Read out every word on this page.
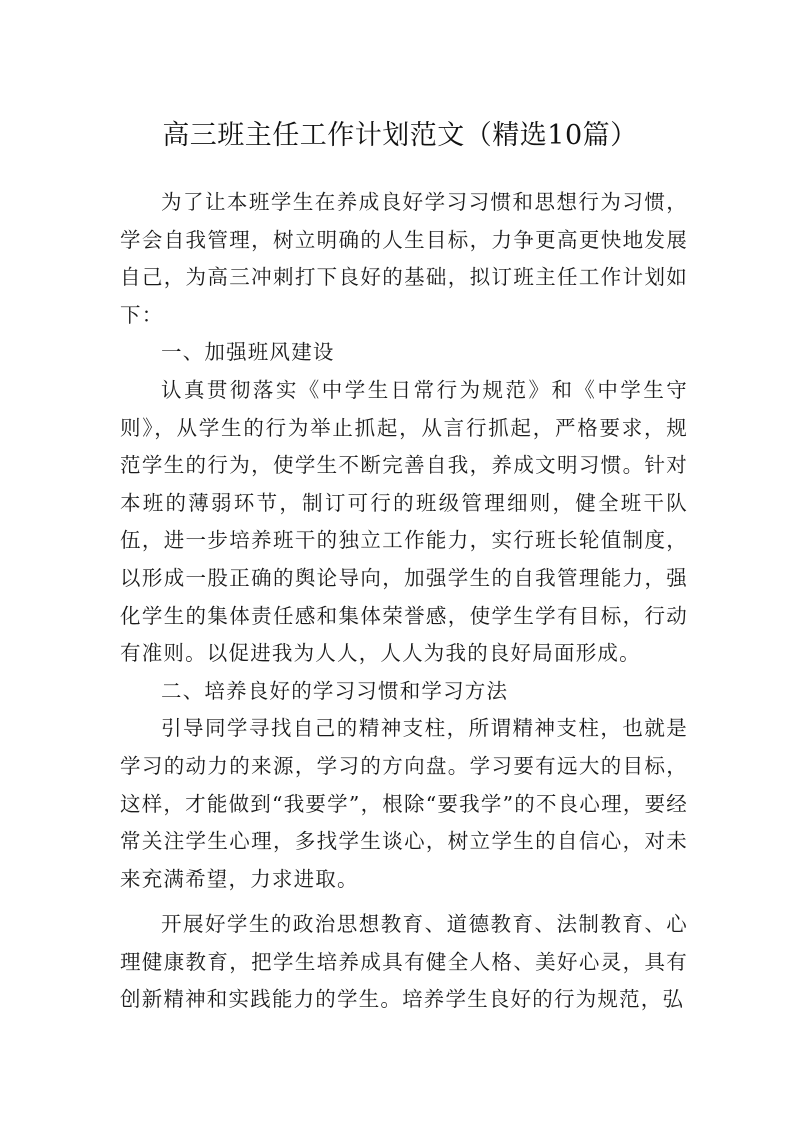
高三班主任工作计划范文（精选10篇）

为了让本班学生在养成良好学习习惯和思想行为习惯，学会自我管理，树立明确的人生目标，力争更高更快地发展自己，为高三冲刺打下良好的基础，拟订班主任工作计划如下：

一、加强班风建设

认真贯彻落实《中学生日常行为规范》和《中学生守则》，从学生的行为举止抓起，从言行抓起，严格要求，规范学生的行为，使学生不断完善自我，养成文明习惯。针对本班的薄弱环节，制订可行的班级管理细则，健全班干队伍，进一步培养班干的独立工作能力，实行班长轮值制度，以形成一股正确的舆论导向，加强学生的自我管理能力，强化学生的集体责任感和集体荣誉感，使学生学有目标，行动有准则。以促进我为人人，人人为我的良好局面形成。

二、培养良好的学习习惯和学习方法

引导同学寻找自己的精神支柱，所谓精神支柱，也就是学习的动力的来源，学习的方向盘。学习要有远大的目标，这样，才能做到“我要学”，根除“要我学”的不良心理，要经常关注学生心理，多找学生谈心，树立学生的自信心，对未来充满希望，力求进取。

开展好学生的政治思想教育、道德教育、法制教育、心理健康教育，把学生培养成具有健全人格、美好心灵，具有创新精神和实践能力的学生。培养学生良好的行为规范，弘
